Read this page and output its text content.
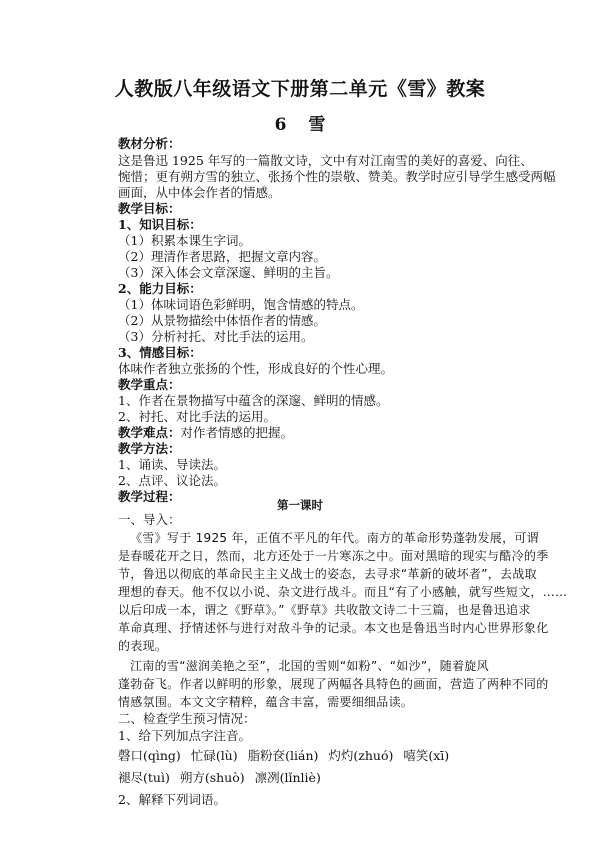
人教版八年级语文下册第二单元《雪》教案
6 雪
教材分析：
这是鲁迅 1925 年写的一篇散文诗，文中有对江南雪的美好的喜爱、向往、
惋惜；更有朔方雪的独立、张扬个性的崇敬、赞美。教学时应引导学生感受两幅
画面，从中体会作者的情感。
教学目标：
1、知识目标：
（1）积累本课生字词。
（2）理清作者思路，把握文章内容。
（3）深入体会文章深邃、鲜明的主旨。
2、能力目标：
（1）体味词语色彩鲜明，饱含情感的特点。
（2）从景物描绘中体悟作者的情感。
（3）分析衬托、对比手法的运用。
3、情感目标：
体味作者独立张扬的个性，形成良好的个性心理。
教学重点：
1、作者在景物描写中蕴含的深邃、鲜明的情感。
2、衬托、对比手法的运用。
教学难点：对作者情感的把握。
教学方法：
1、诵读、导读法。
2、点评、议论法。
教学过程：
第一课时
一、导入：
《雪》写于 1925 年，正值不平凡的年代。南方的革命形势蓬勃发展，可谓
是春暖花开之日，然而，北方还处于一片寒冻之中。面对黑暗的现实与酷冷的季
节，鲁迅以彻底的革命民主主义战士的姿态，去寻求“革新的破坏者”，去战取
理想的春天。他不仅以小说、杂文进行战斗。而且“有了小感触，就写些短文，……
以后印成一本，谓之《野草》。”《野草》共收散文诗二十三篇，也是鲁迅追求
革命真理、抒情述怀与进行对敌斗争的记录。本文也是鲁迅当时内心世界形象化
的表现。
江南的雪“滋润美艳之至”，北国的雪则“如粉”、“如沙”，随着旋风
蓬勃奋飞。作者以鲜明的形象，展现了两幅各具特色的画面，营造了两种不同的
情感氛围。本文文字精粹，蕴含丰富，需要细细品读。
二、检查学生预习情况：
1、给下列加点字注音。
磬口(qìng) 忙碌(lù) 脂粉奁(lián) 灼灼(zhuó) 嘻笑(xī)
褪尽(tuì) 朔方(shuò) 凛冽(lǐnliè)
2、解释下列词语。
